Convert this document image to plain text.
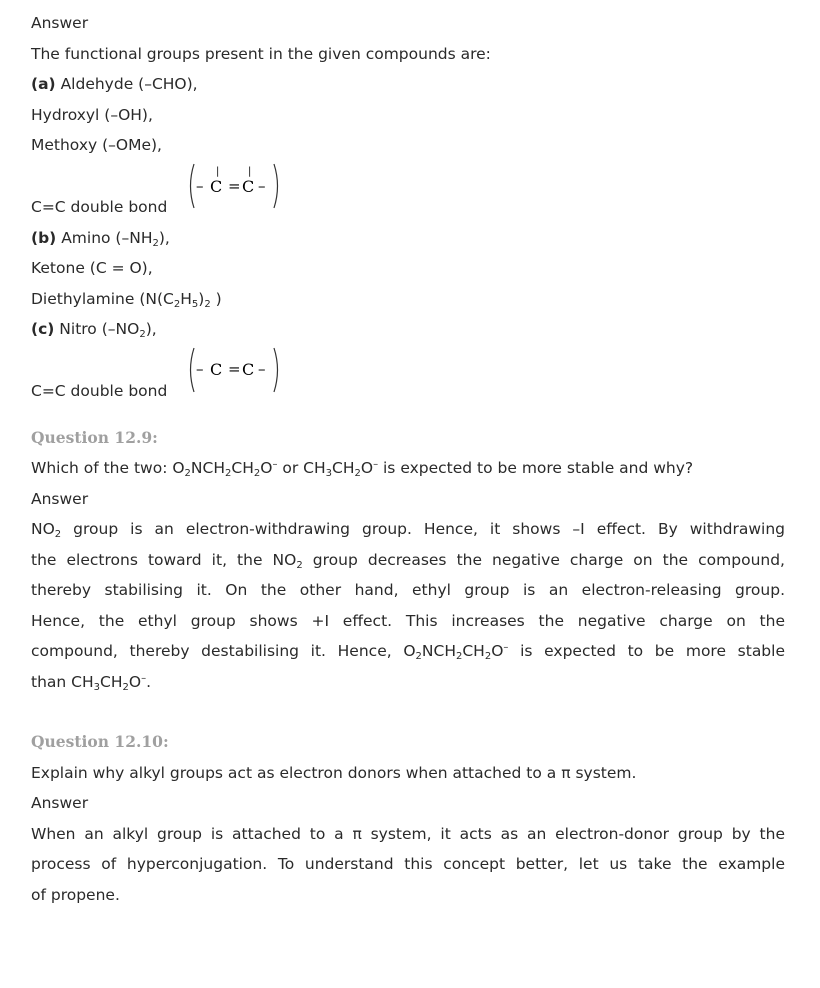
Answer
The functional groups present in the given compounds are:
(a) Aldehyde (–CHO),
Hydroxyl (–OH),
Methoxy (–OMe),
–
|
C =
|
C –
C=C double bond
(b) Amino $(-NH_2)$,
Ketone (C = O),
Diethylamine ($N(C_2H_5)_2$ )
(c) Nitro $(-NO_2)$,
– C = C –
C=C double bond
Question 12.9:
Which of the two: $O_2NCH_2CH_2O^-$ or $CH_3CH_2O^-$ is expected to be more stable and why?
Answer
$NO_2$ group is an electron-withdrawing group. Hence, it shows –I effect. By withdrawing
the electrons toward it, the $NO_2$ group decreases the negative charge on the compound,
thereby stabilising it. On the other hand, ethyl group is an electron-releasing group.
Hence, the ethyl group shows +I effect. This increases the negative charge on the
compound, thereby destabilising it. Hence, $O_2NCH_2CH_2O^-$ is expected to be more stable
than $CH_3CH_2O^-$.
Question 12.10:
Explain why alkyl groups act as electron donors when attached to a π system.
Answer
When an alkyl group is attached to a π system, it acts as an electron-donor group by the
process of hyperconjugation. To understand this concept better, let us take the example
of propene.
